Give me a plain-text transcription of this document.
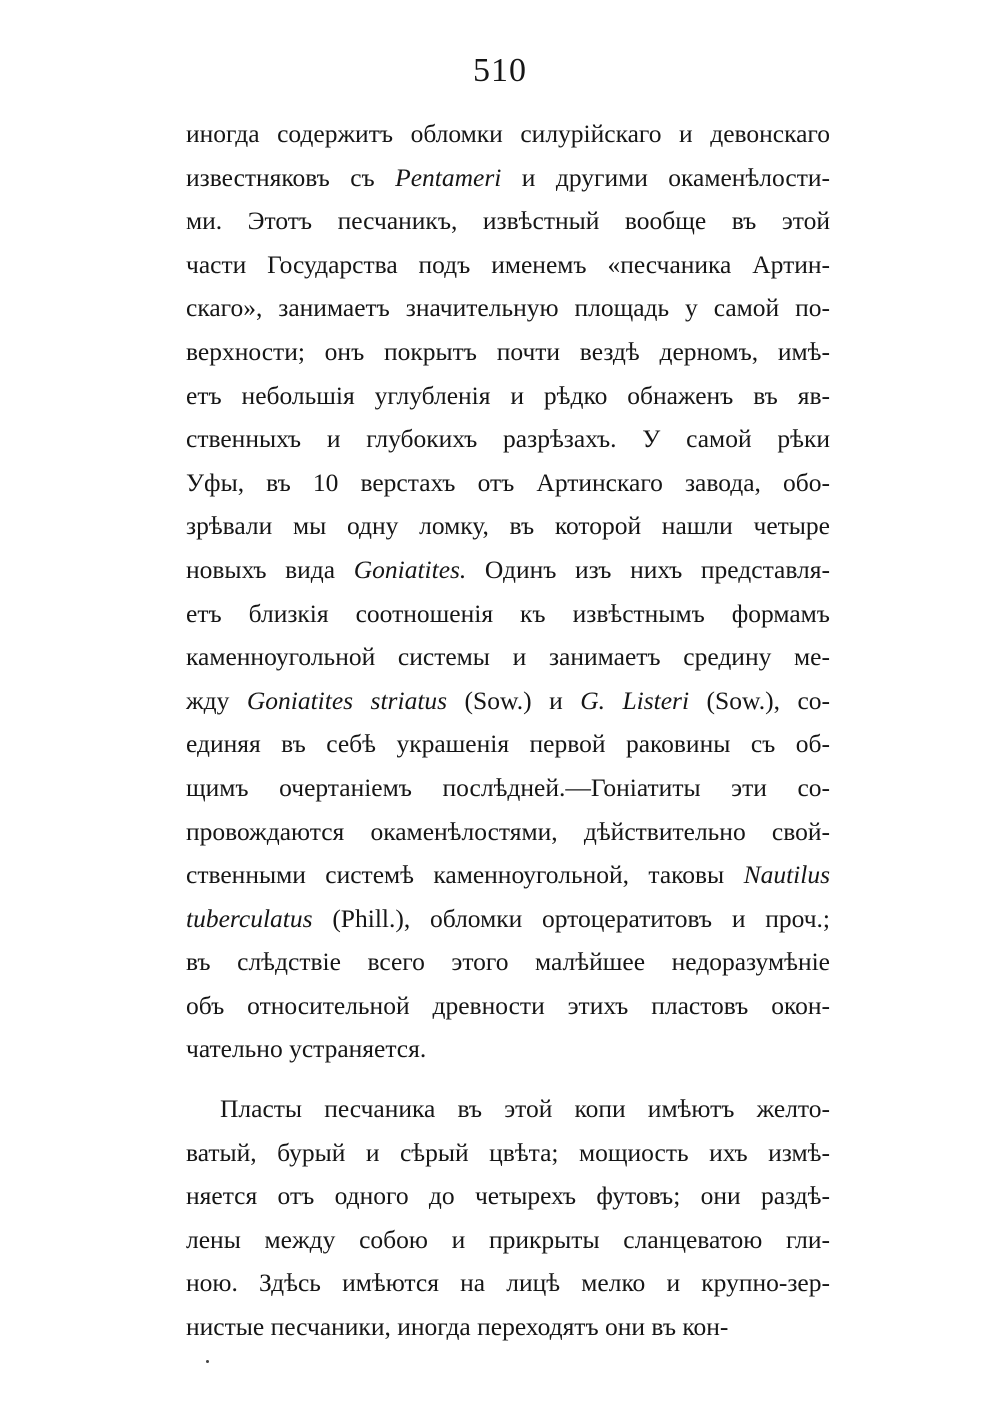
510
иногда содержитъ обломки силурійскаго и девонскаго
известняковъ съ Pentameri и другими окаменѣлости-
ми. Этотъ песчаникъ, извѣстный вообще въ этой
части Государства подъ именемъ «песчаника Артин-
скаго», занимаетъ значительную площадь у самой по-
верхности; онъ покрытъ почти вездѣ дерномъ, имѣ-
етъ небольшія углубленія и рѣдко обнаженъ въ яв-
ственныхъ и глубокихъ разрѣзахъ. У самой рѣки
Уфы, въ 10 верстахъ отъ Артинскаго завода, обо-
зрѣвали мы одну ломку, въ которой нашли четыре
новыхъ вида Goniatites. Одинъ изъ нихъ представля-
етъ близкія соотношенія къ извѣстнымъ формамъ
каменноугольной системы и занимаетъ средину ме-
жду Goniatites striatus (Sow.) и G. Listeri (Sow.), со-
единяя въ себѣ украшенія первой раковины съ об-
щимъ очертаніемъ послѣдней.—Гоніатиты эти со-
провождаются окаменѣлостями, дѣйствительно свой-
ственными системѣ каменноугольной, таковы Nautilus
tuberculatus (Phill.), обломки ортоцератитовъ и проч.;
въ слѣдствіе всего этого малѣйшее недоразумѣніе
объ относительной древности этихъ пластовъ окон-
чательно устраняется.
Пласты песчаника въ этой копи имѣютъ желто-
ватый, бурый и сѣрый цвѣта; мощиость ихъ измѣ-
няется отъ одного до четырехъ футовъ; они раздѣ-
лены между собою и прикрыты сланцеватою гли-
ною. Здѣсь имѣются на лицѣ мелко и крупно-зер-
нистые песчаники, иногда переходятъ они въ кон-
